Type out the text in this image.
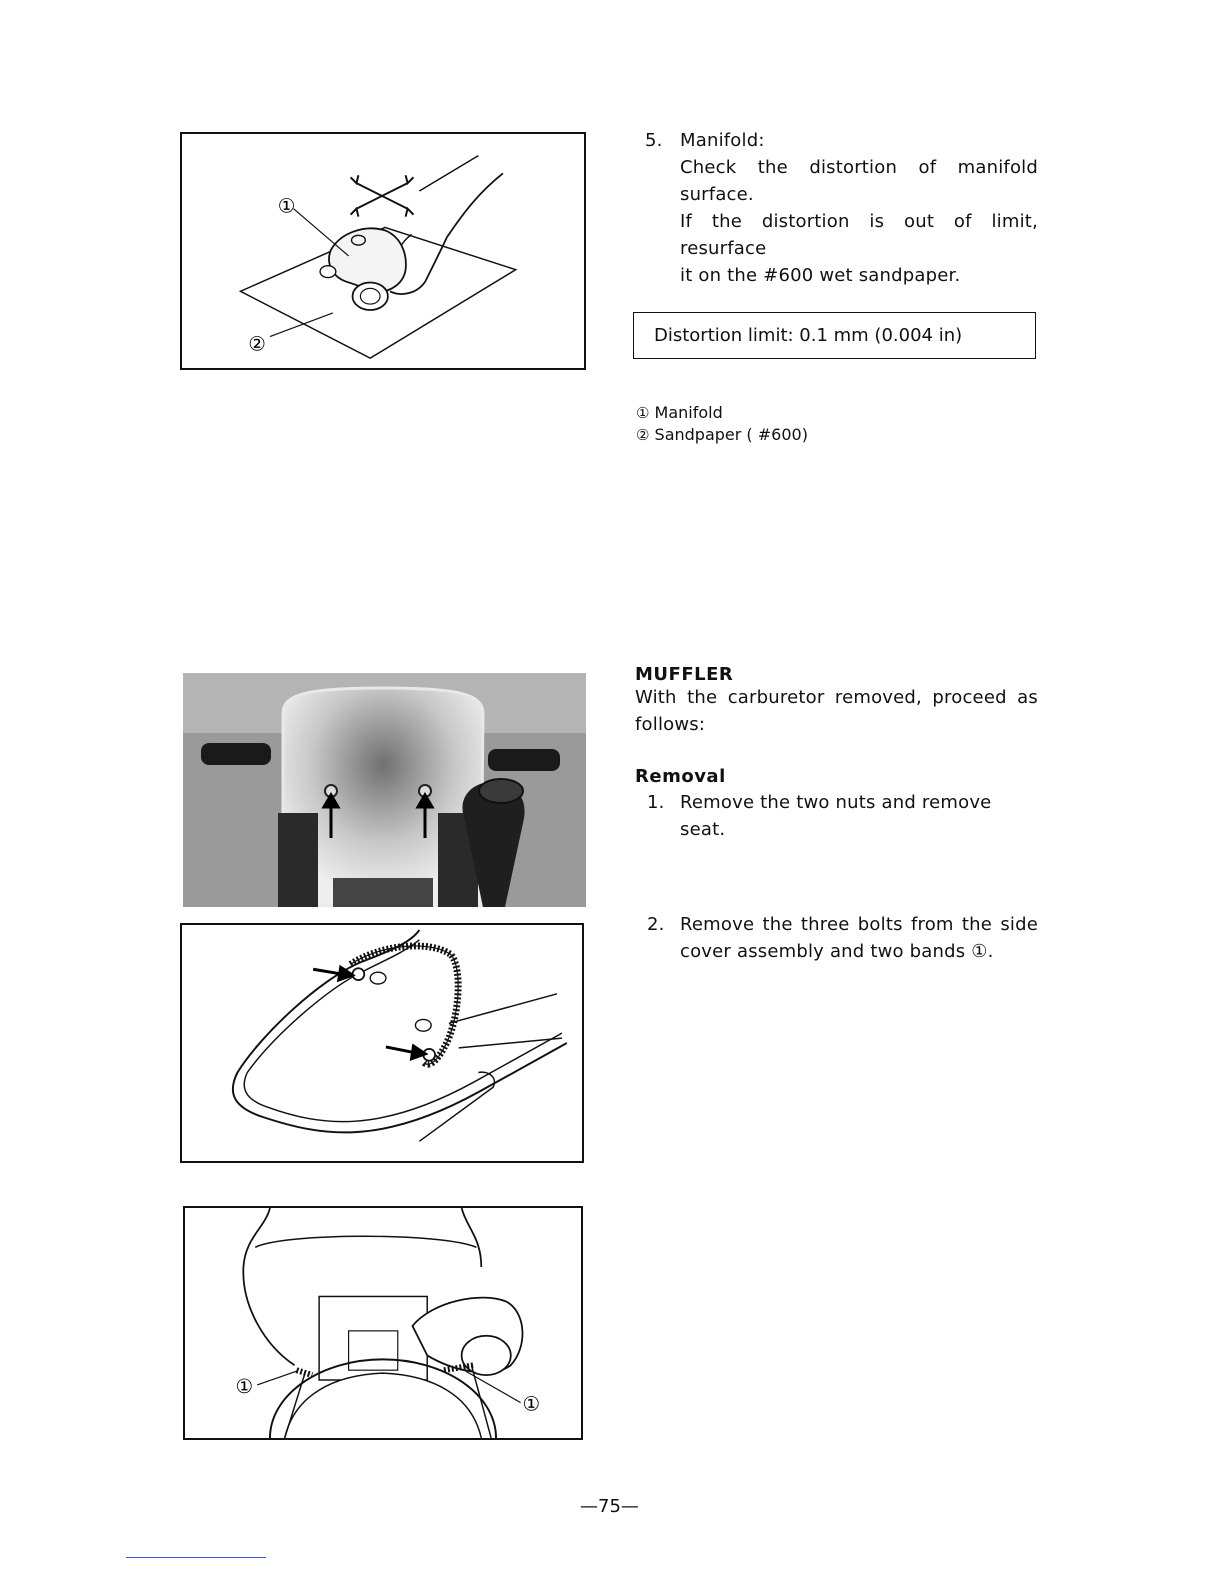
①
②
5. Manifold:
Check the distortion of manifold surface.
If the distortion is out of limit, resurface
it on the #600 wet sandpaper.
Distortion limit: 0.1 mm (0.004 in)
① Manifold
② Sandpaper ( #600)
MUFFLER
With the carburetor removed, proceed as
follows:
Removal
1. Remove the two nuts and remove seat.
2. Remove the three bolts from the side
cover assembly and two bands ①.
①
①
—75—
